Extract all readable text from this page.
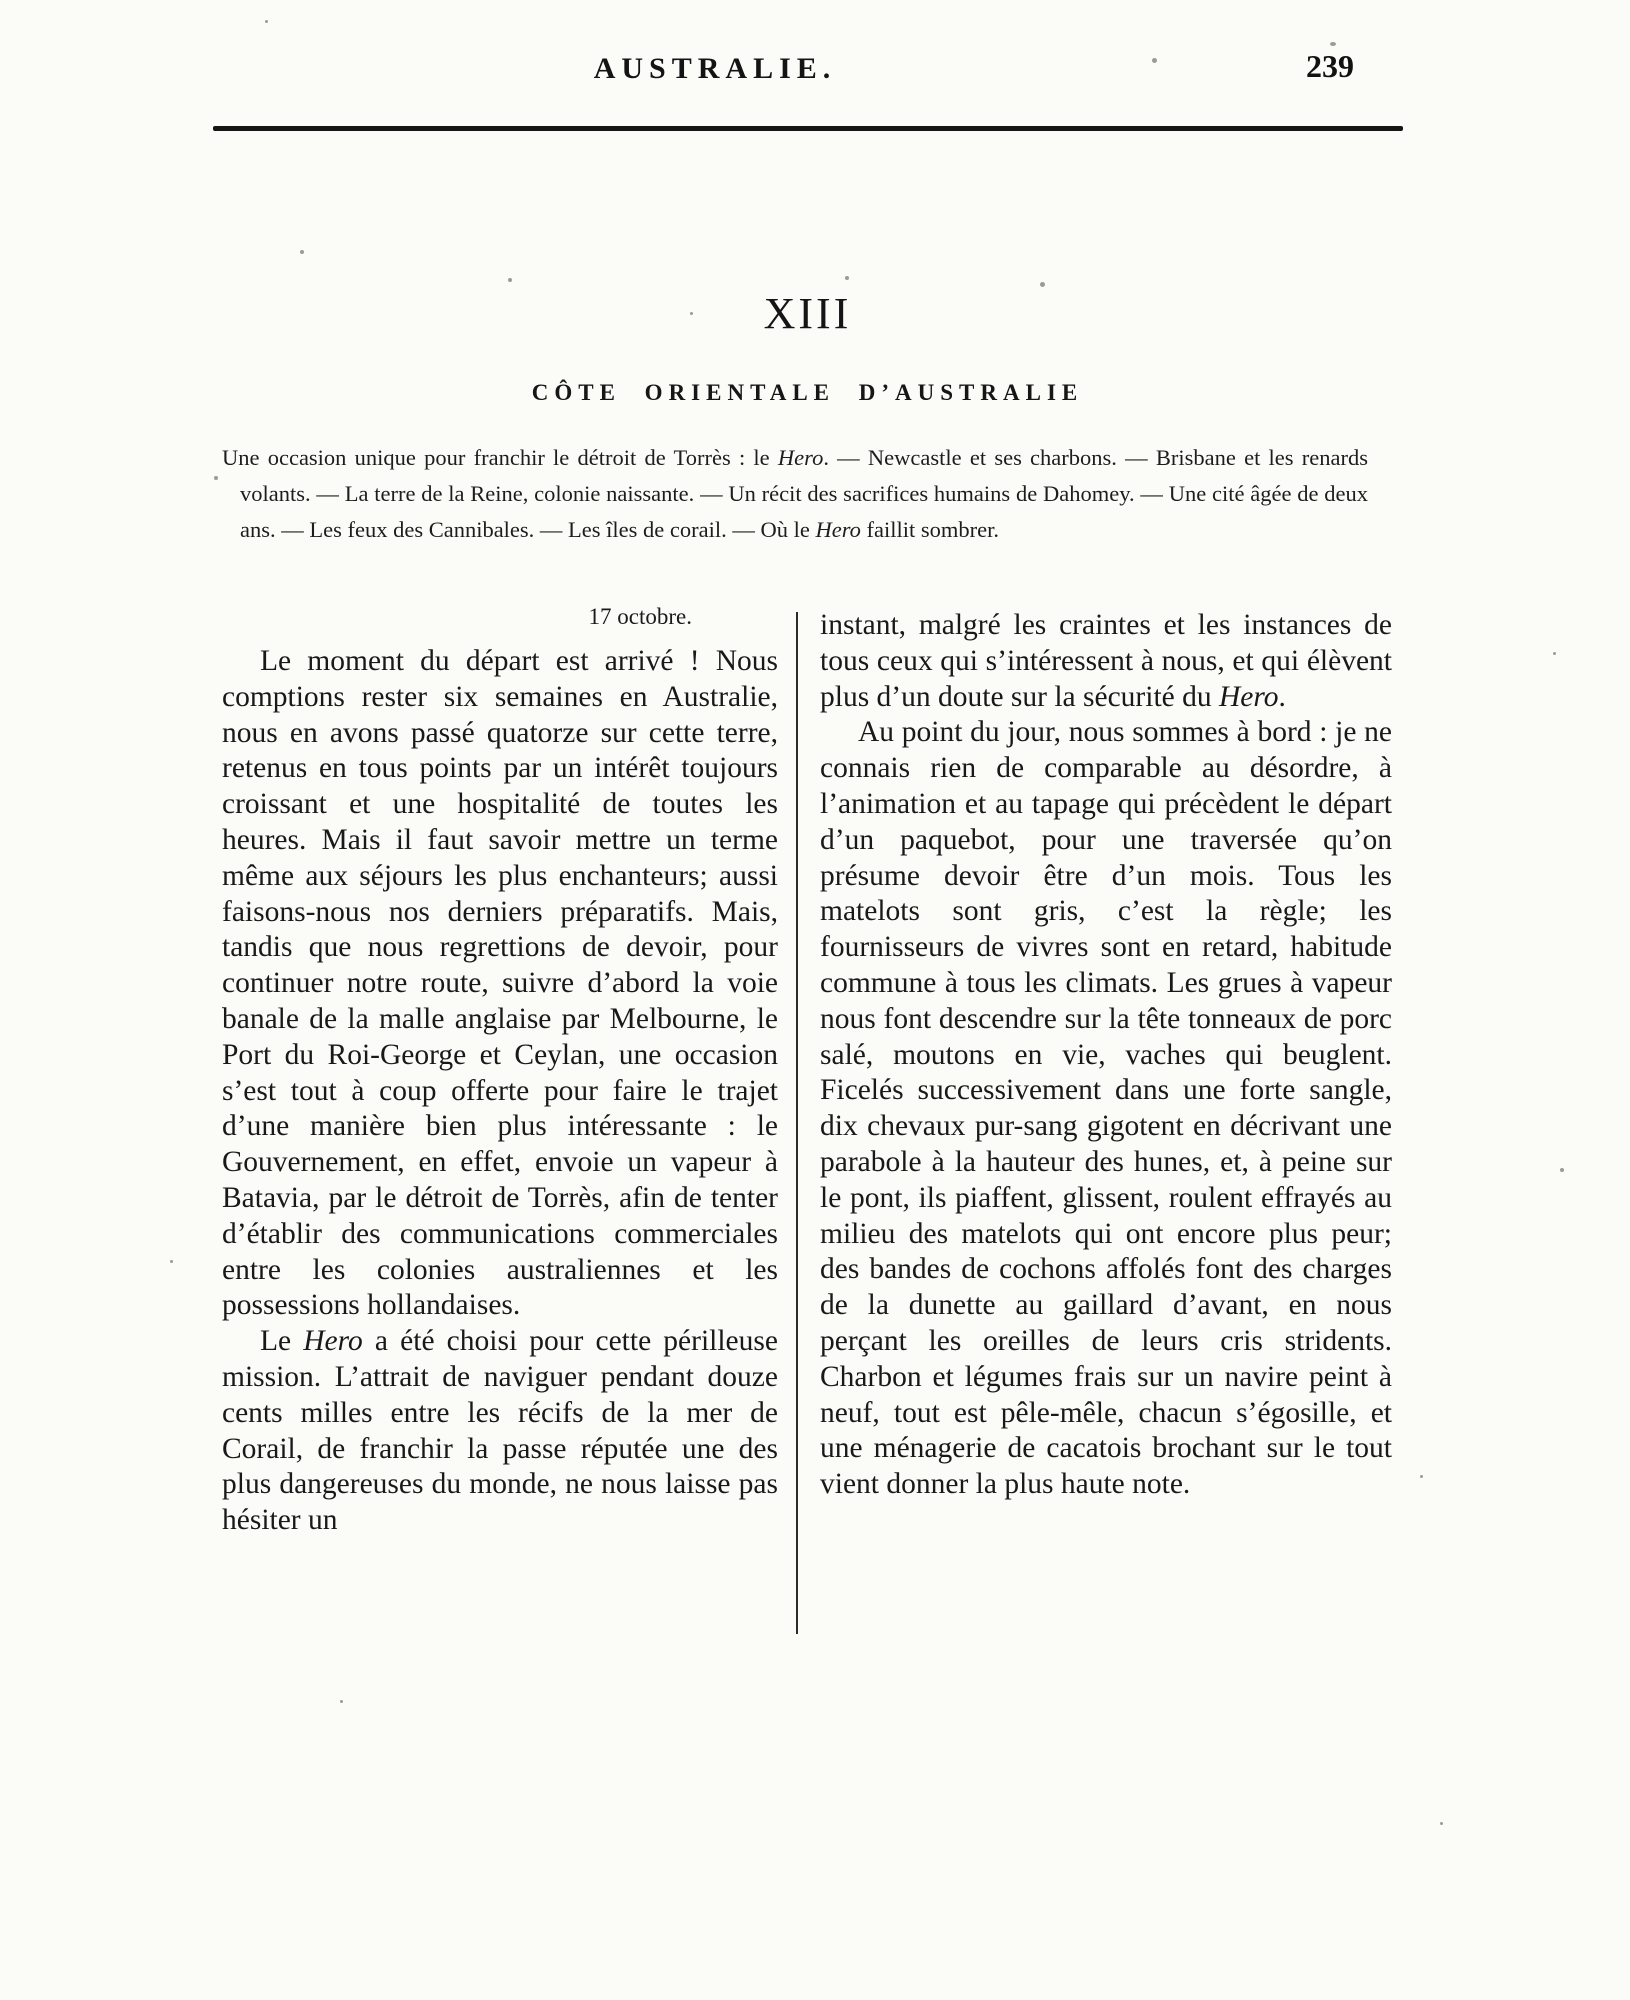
AUSTRALIE.	239
XIII
CÔTE ORIENTALE D’AUSTRALIE
Une occasion unique pour franchir le détroit de Torrès : le Hero. — Newcastle et ses charbons. — Brisbane et les renards volants. — La terre de la Reine, colonie naissante. — Un récit des sacrifices humains de Dahomey. — Une cité âgée de deux ans. — Les feux des Cannibales. — Les îles de corail. — Où le Hero faillit sombrer.
17 octobre.

Le moment du départ est arrivé ! Nous comptions rester six semaines en Australie, nous en avons passé quatorze sur cette terre, retenus en tous points par un intérêt toujours croissant et une hospitalité de toutes les heures. Mais il faut savoir mettre un terme même aux séjours les plus enchanteurs; aussi faisons-nous nos derniers préparatifs. Mais, tandis que nous regrettions de devoir, pour continuer notre route, suivre d’abord la voie banale de la malle anglaise par Melbourne, le Port du Roi-George et Ceylan, une occasion s’est tout à coup offerte pour faire le trajet d’une manière bien plus intéressante : le Gouvernement, en effet, envoie un vapeur à Batavia, par le détroit de Torrès, afin de tenter d’établir des communications commerciales entre les colonies australiennes et les possessions hollandaises.

Le Hero a été choisi pour cette périlleuse mission. L’attrait de naviguer pendant douze cents milles entre les récifs de la mer de Corail, de franchir la passe réputée une des plus dangereuses du monde, ne nous laisse pas hésiter un

instant, malgré les craintes et les instances de tous ceux qui s’intéressent à nous, et qui élèvent plus d’un doute sur la sécurité du Hero.

Au point du jour, nous sommes à bord : je ne connais rien de comparable au désordre, à l’animation et au tapage qui précèdent le départ d’un paquebot, pour une traversée qu’on présume devoir être d’un mois. Tous les matelots sont gris, c’est la règle; les fournisseurs de vivres sont en retard, habitude commune à tous les climats. Les grues à vapeur nous font descendre sur la tête tonneaux de porc salé, moutons en vie, vaches qui beuglent. Ficelés successivement dans une forte sangle, dix chevaux pur-sang gigotent en décrivant une parabole à la hauteur des hunes, et, à peine sur le pont, ils piaffent, glissent, roulent effrayés au milieu des matelots qui ont encore plus peur; des bandes de cochons affolés font des charges de la dunette au gaillard d’avant, en nous perçant les oreilles de leurs cris stridents. Charbon et légumes frais sur un navire peint à neuf, tout est pêle-mêle, chacun s’égosille, et une ménagerie de cacatois brochant sur le tout vient donner la plus haute note.
